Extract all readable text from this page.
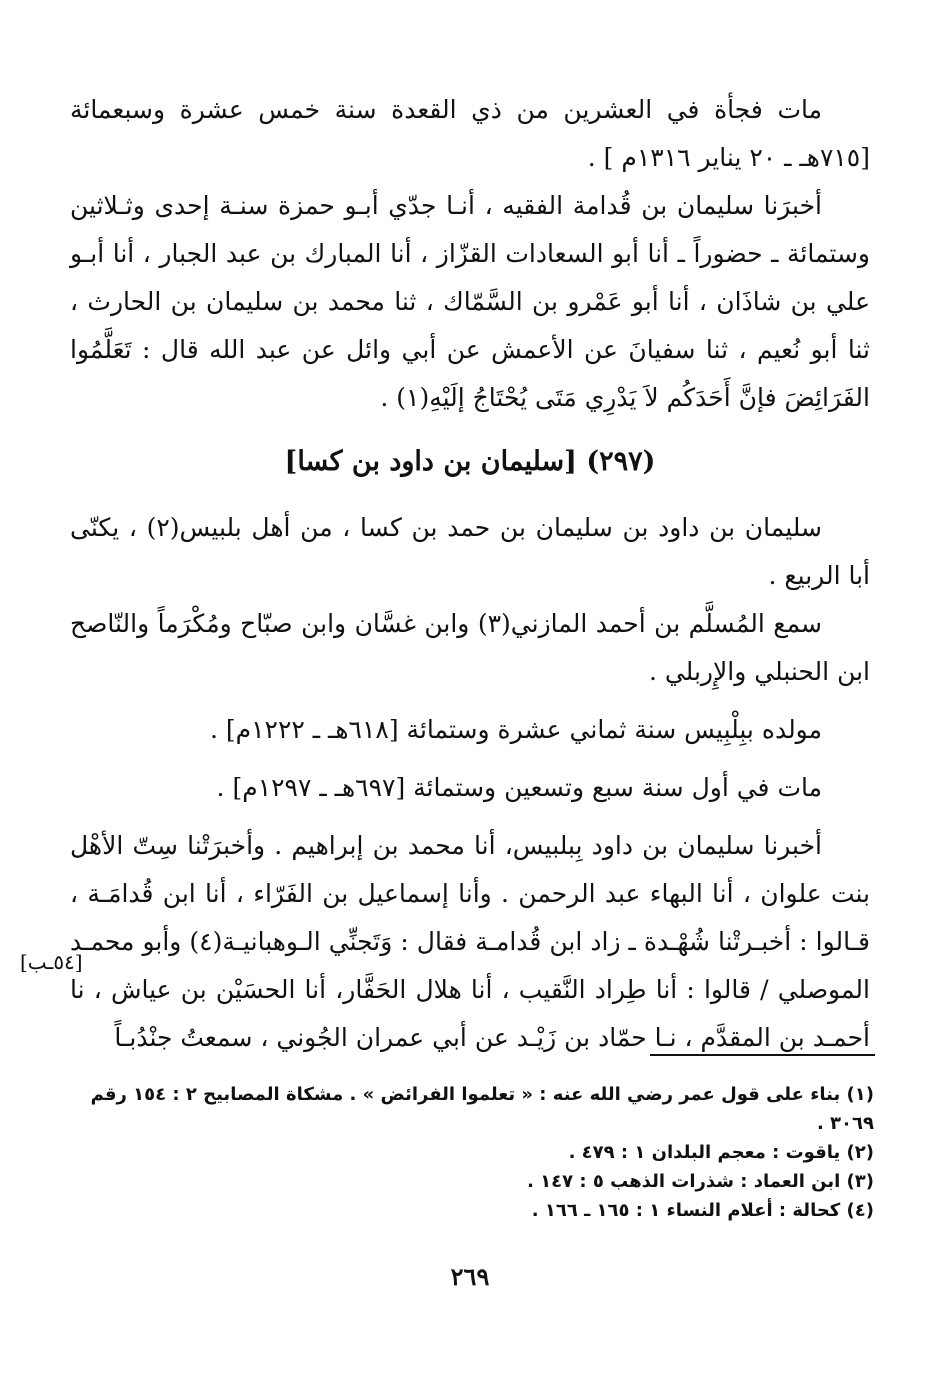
مات فجأة في العشرين من ذي القعدة سنة خمس عشرة وسبعمائة [٧١٥هـ ـ ٢٠ يناير ١٣١٦م ] .

أخبرَنا سليمان بن قُدامة الفقيه ، أنـا جدّي أبـو حمزة سنـة إحدى وثـلاثين وستمائة ـ حضوراً ـ أنا أبو السعادات القزّاز ، أنا المبارك بن عبد الجبار ، أنا أبـو علي بن شاذَان ، أنا أبو عَمْرو بن السَّمّاك ، ثنا محمد بن سليمان بن الحارث ، ثنا أبو نُعيم ، ثنا سفيانَ عن الأعمش عن أبي وائل عن عبد الله قال : تَعَلَّمُوا الفَرَائِضَ فإنَّ أَحَدَكُم لاَ يَدْرِي مَتَى يُحْتَاجُ إلَيْهِ(١) .

(٢٩٧) [سليمان بن داود بن كسا]

سليمان بن داود بن سليمان بن حمد بن كسا ، من أهل بلبيس(٢) ، يكنّى أبا الربيع .

سمع المُسلَّم بن أحمد المازني(٣) وابن غسَّان وابن صبّاح ومُكْرَماً والنّاصح ابن الحنبلي والإِربلي .

مولده ببِلْبِيس سنة ثماني عشرة وستمائة [٦١٨هـ ـ ١٢٢٢م] .

مات في أول سنة سبع وتسعين وستمائة [٦٩٧هـ ـ ١٢٩٧م] .

أخبرنا سليمان بن داود بِبلبيس، أنا محمد بن إبراهيم . وأخبرَتْنا سِتّ الأهْل بنت علوان ، أنا البهاء عبد الرحمن . وأنا إسماعيل بن الفَرّاء ، أنا ابن قُدامَـة ، قـالوا : أخبـرتْنا شُهْـدة ـ زاد ابن قُدامـة فقال : وَتَجنِّي الـوهبانيـة(٤) وأبو محمـد الموصلي / قالوا : أنا طِراد النَّقيب ، أنا هلال الحَفَّار، أنا الحسَيْن بن عياش ، نا أحمـد بن المقدَّم ، نـا حمّاد بن زَيْـد عن أبي عمران الجُوني ، سمعتُ جنْدُبـاً

[٥٤ـب]

(١) بناء على قول عمر رضي الله عنه : « تعلموا الفرائض » . مشكاة المصابيح ٢ : ١٥٤ رقم ٣٠٦٩ .

(٢) ياقوت : معجم البلدان ١ : ٤٧٩ .

(٣) ابن العماد : شذرات الذهب ٥ : ١٤٧ .

(٤) كحالة : أعلام النساء ١ : ١٦٥ ـ ١٦٦ .

٢٦٩
